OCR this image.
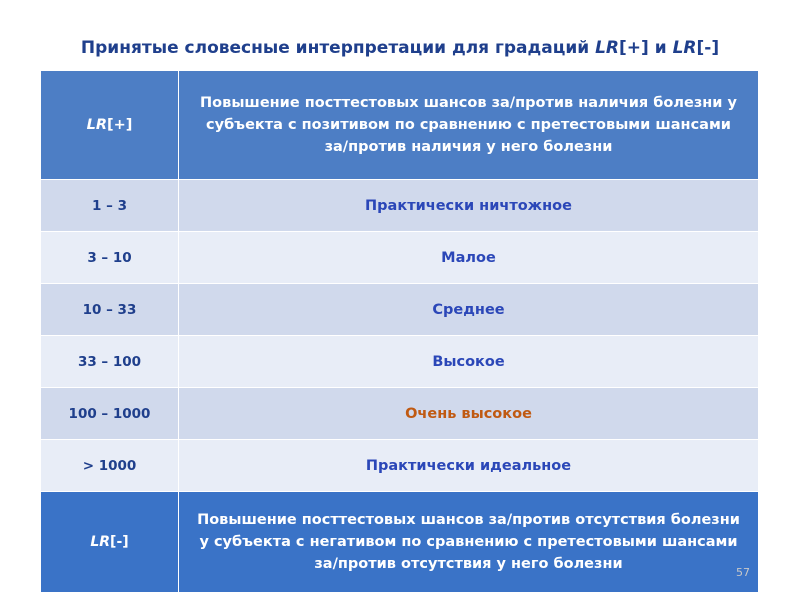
Принятые словесные интерпретации для градаций LR[+] и LR[-]
LR[+]	Повышение посттестовых шансов за/против наличия болезни у субъекта с позитивом по сравнению с претестовыми шансами за/против наличия у него болезни
1 – 3	Практически ничтожное
3 – 10	Малое
10 – 33	Среднее
33 – 100	Высокое
100 – 1000	Очень высокое
> 1000	Практически идеальное
LR[-]	Повышение посттестовых шансов за/против отсутствия болезни у субъекта с негативом по сравнению с претестовыми шансами за/против отсутствия у него болезни
57
